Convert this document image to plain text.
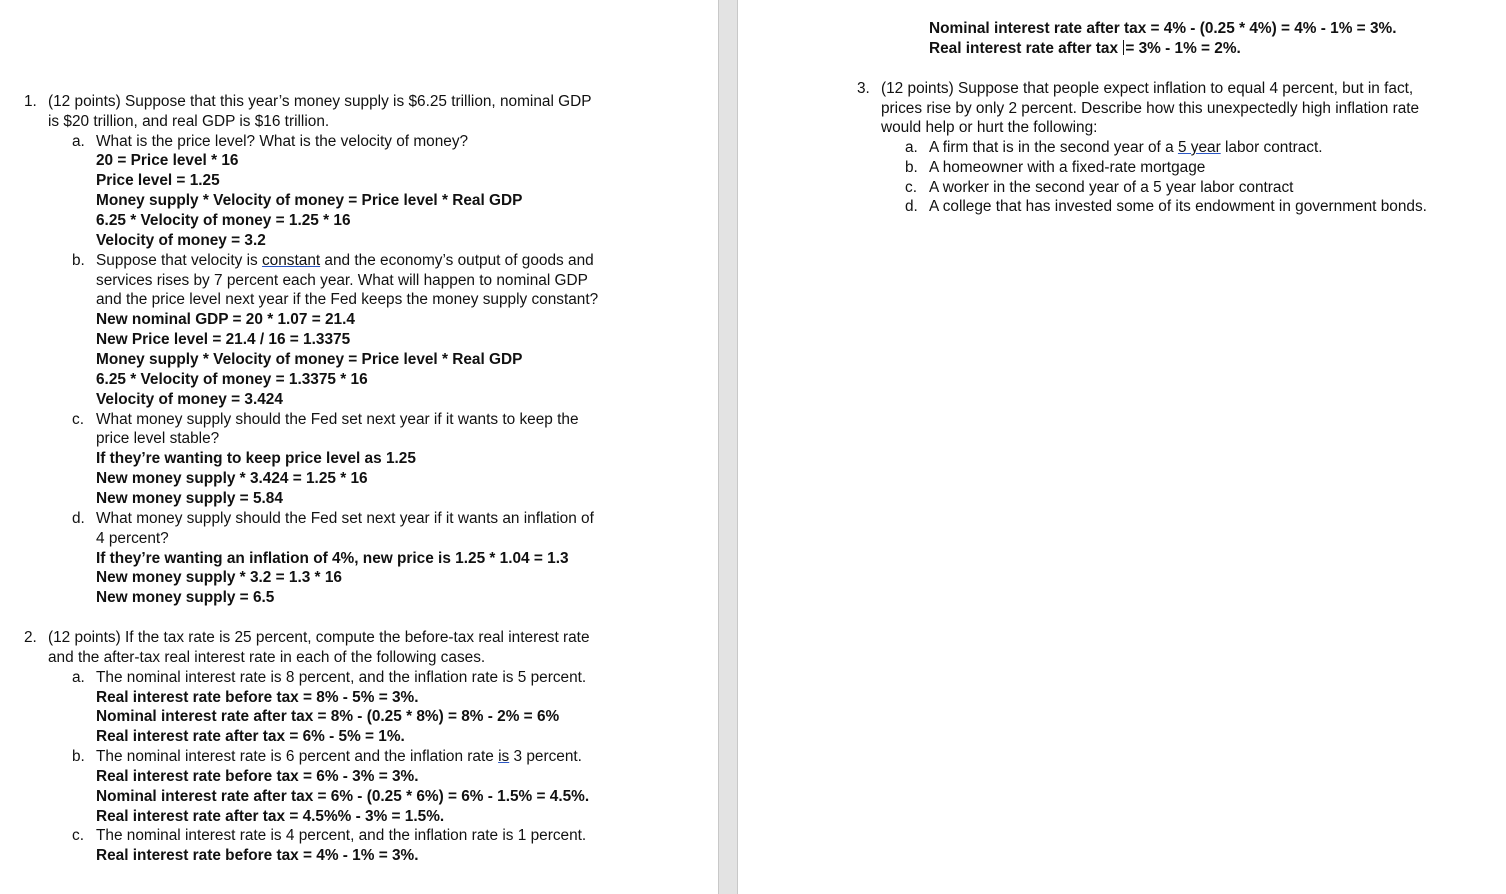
1. (12 points) Suppose that this year’s money supply is $6.25 trillion, nominal GDP
is $20 trillion, and real GDP is $16 trillion.
a. What is the price level? What is the velocity of money?
20 = Price level * 16
Price level = 1.25
Money supply * Velocity of money = Price level * Real GDP
6.25 * Velocity of money = 1.25 * 16
Velocity of money = 3.2
b. Suppose that velocity is constant and the economy’s output of goods and
services rises by 7 percent each year. What will happen to nominal GDP
and the price level next year if the Fed keeps the money supply constant?
New nominal GDP = 20 * 1.07 = 21.4
New Price level = 21.4 / 16 = 1.3375
Money supply * Velocity of money = Price level * Real GDP
6.25 * Velocity of money = 1.3375 * 16
Velocity of money = 3.424
c. What money supply should the Fed set next year if it wants to keep the
price level stable?
If they’re wanting to keep price level as 1.25
New money supply * 3.424 = 1.25 * 16
New money supply = 5.84
d. What money supply should the Fed set next year if it wants an inflation of
4 percent?
If they’re wanting an inflation of 4%, new price is 1.25 * 1.04 = 1.3
New money supply * 3.2 = 1.3 * 16
New money supply = 6.5
2. (12 points) If the tax rate is 25 percent, compute the before-tax real interest rate
and the after-tax real interest rate in each of the following cases.
a. The nominal interest rate is 8 percent, and the inflation rate is 5 percent.
Real interest rate before tax = 8% - 5% = 3%.
Nominal interest rate after tax = 8% - (0.25 * 8%) = 8% - 2% = 6%
Real interest rate after tax = 6% - 5% = 1%.
b. The nominal interest rate is 6 percent and the inflation rate is 3 percent.
Real interest rate before tax = 6% - 3% = 3%.
Nominal interest rate after tax = 6% - (0.25 * 6%) = 6% - 1.5% = 4.5%.
Real interest rate after tax = 4.5%% - 3% = 1.5%.
c. The nominal interest rate is 4 percent, and the inflation rate is 1 percent.
Real interest rate before tax = 4% - 1% = 3%.
Nominal interest rate after tax = 4% - (0.25 * 4%) = 4% - 1% = 3%.
Real interest rate after tax = 3% - 1% = 2%.
3. (12 points) Suppose that people expect inflation to equal 4 percent, but in fact,
prices rise by only 2 percent. Describe how this unexpectedly high inflation rate
would help or hurt the following:
a. A firm that is in the second year of a 5 year labor contract.
b. A homeowner with a fixed-rate mortgage
c. A worker in the second year of a 5 year labor contract
d. A college that has invested some of its endowment in government bonds.
